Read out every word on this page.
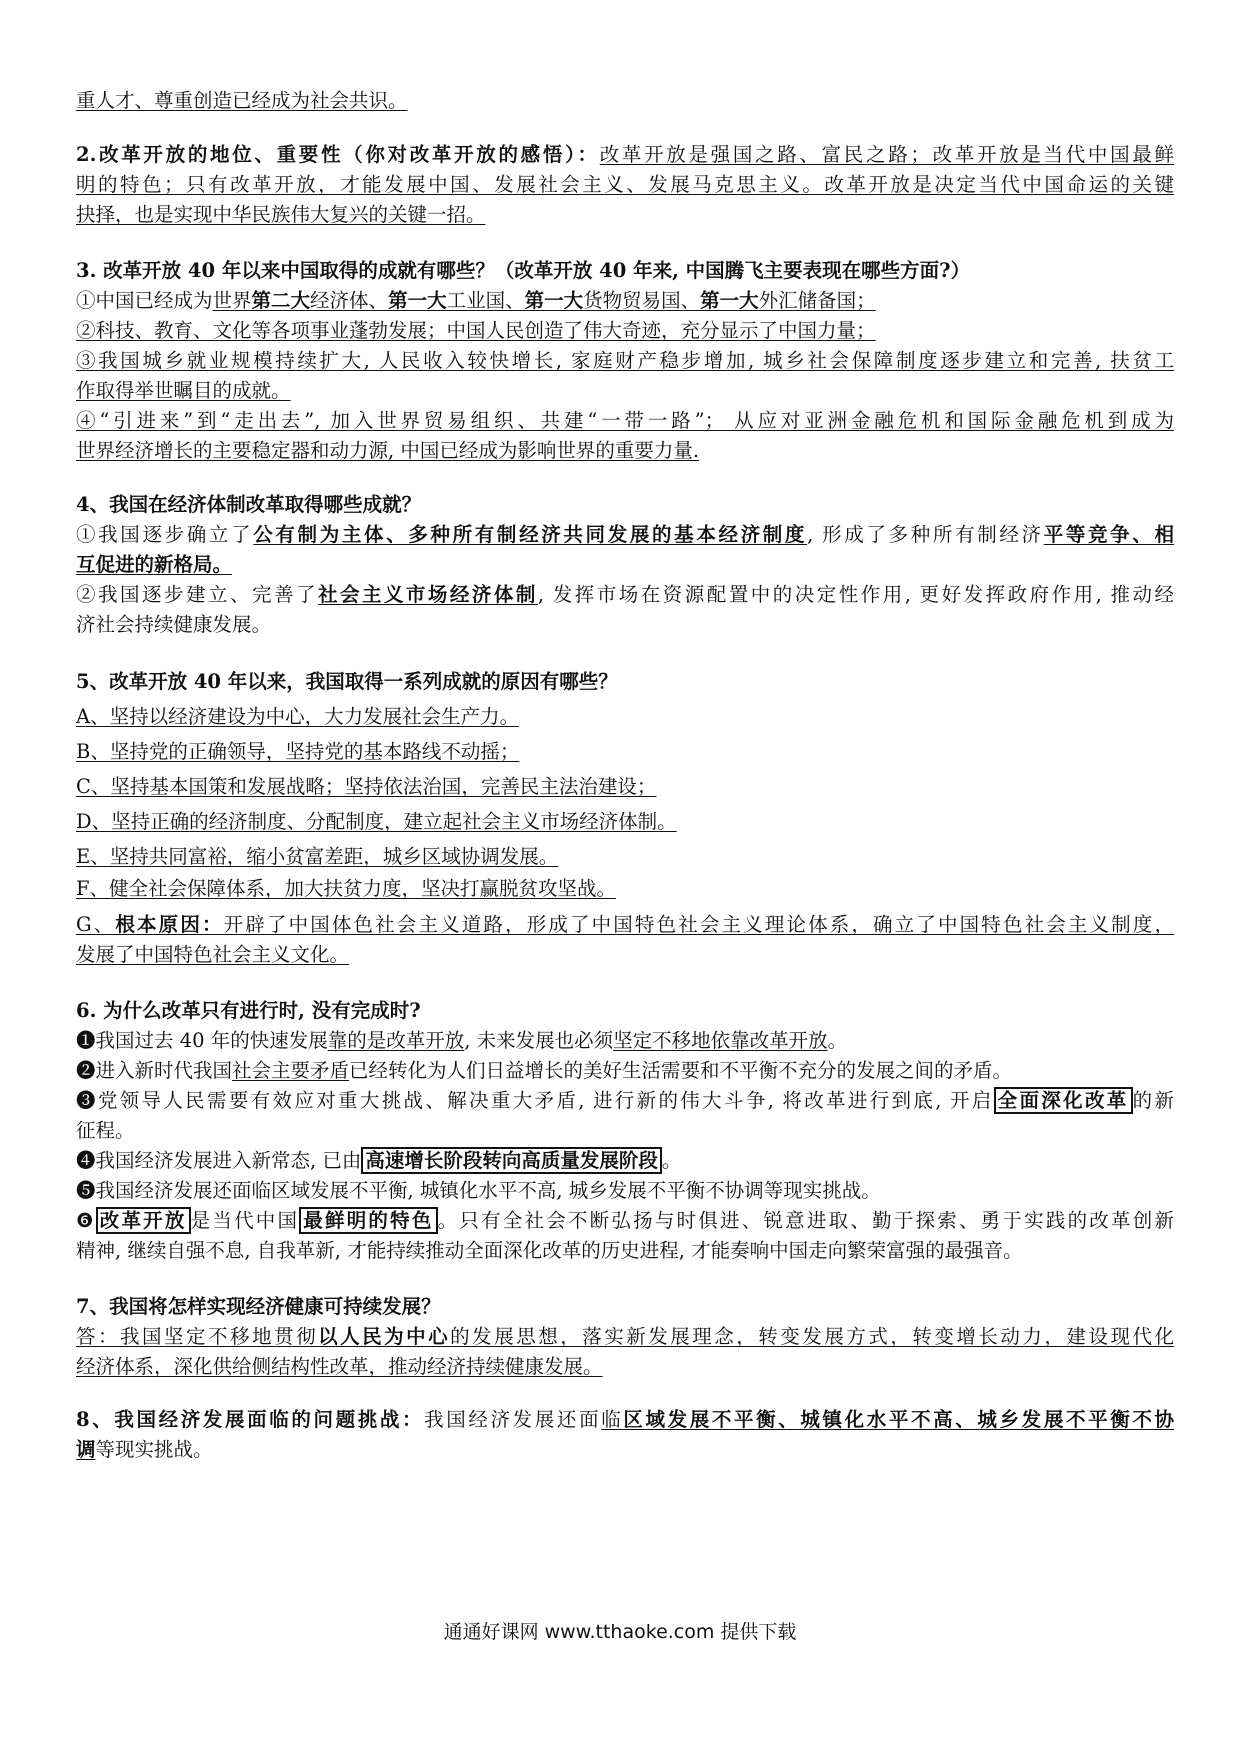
重人才、尊重创造已经成为社会共识。
2.改革开放的地位、重要性（你对改革开放的感悟）：改革开放是强国之路、富民之路；改革开放是当代中国最鲜
明的特色；只有改革开放，才能发展中国、发展社会主义、发展马克思主义。改革开放是决定当代中国命运的关键
抉择，也是实现中华民族伟大复兴的关键一招。
3. 改革开放 40 年以来中国取得的成就有哪些？（改革开放 40 年来, 中国腾飞主要表现在哪些方面?）
①中国已经成为世界第二大经济体、第一大工业国、第一大货物贸易国、第一大外汇储备国；
②科技、教育、文化等各项事业蓬勃发展；中国人民创造了伟大奇迹，充分显示了中国力量；
③我国城乡就业规模持续扩大, 人民收入较快增长, 家庭财产稳步增加, 城乡社会保障制度逐步建立和完善, 扶贫工
作取得举世瞩目的成就。
④“引进来”到“走出去”, 加入世界贸易组织、共建“一带一路”； 从应对亚洲金融危机和国际金融危机到成为
世界经济增长的主要稳定器和动力源, 中国已经成为影响世界的重要力量.
4、我国在经济体制改革取得哪些成就？
①我国逐步确立了公有制为主体、多种所有制经济共同发展的基本经济制度, 形成了多种所有制经济平等竞争、相
互促进的新格局。
②我国逐步建立、完善了社会主义市场经济体制, 发挥市场在资源配置中的决定性作用, 更好发挥政府作用, 推动经
济社会持续健康发展。
5、改革开放 40 年以来，我国取得一系列成就的原因有哪些？
A、坚持以经济建设为中心，大力发展社会生产力。
B、坚持党的正确领导，坚持党的基本路线不动摇；
C、坚持基本国策和发展战略；坚持依法治国，完善民主法治建设；
D、坚持正确的经济制度、分配制度，建立起社会主义市场经济体制。
E、坚持共同富裕，缩小贫富差距，城乡区域协调发展。
F、健全社会保障体系，加大扶贫力度，坚决打赢脱贫攻坚战。
G、根本原因：开辟了中国体色社会主义道路，形成了中国特色社会主义理论体系，确立了中国特色社会主义制度，
发展了中国特色社会主义文化。
6. 为什么改革只有进行时, 没有完成时?
❶我国过去 40 年的快速发展靠的是改革开放, 未来发展也必须坚定不移地依靠改革开放。
❷进入新时代我国社会主要矛盾已经转化为人们日益增长的美好生活需要和不平衡不充分的发展之间的矛盾。
❸党领导人民需要有效应对重大挑战、解决重大矛盾, 进行新的伟大斗争, 将改革进行到底, 开启 全面深化改革 的新
征程。
❹我国经济发展进入新常态, 已由 高速增长阶段转向高质量发展阶段 。
❺我国经济发展还面临区域发展不平衡, 城镇化水平不高, 城乡发展不平衡不协调等现实挑战。
❻ 改革开放 是当代中国 最鲜明的特色 。只有全社会不断弘扬与时俱进、锐意进取、勤于探索、勇于实践的改革创新
精神, 继续自强不息, 自我革新, 才能持续推动全面深化改革的历史进程, 才能奏响中国走向繁荣富强的最强音。
7、我国将怎样实现经济健康可持续发展？
答：我国坚定不移地贯彻以人民为中心的发展思想，落实新发展理念，转变发展方式，转变增长动力，建设现代化
经济体系，深化供给侧结构性改革，推动经济持续健康发展。
8、我国经济发展面临的问题挑战：我国经济发展还面临区域发展不平衡、城镇化水平不高、城乡发展不平衡不协
调等现实挑战。
通通好课网 www.tthaoke.com 提供下载
